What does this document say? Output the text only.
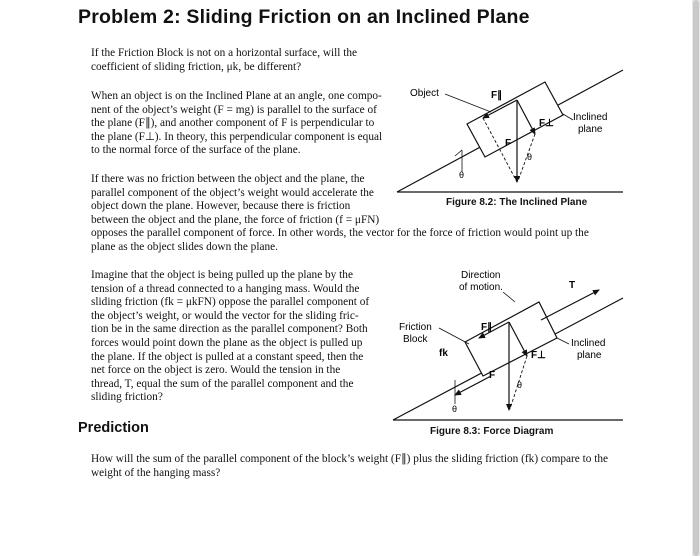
Problem 2: Sliding Friction on an Inclined Plane
If the Friction Block is not on a horizontal surface, will the
coefficient of sliding friction, μk, be different?
When an object is on the Inclined Plane at an angle, one compo-
nent of the object’s weight (F = mg) is parallel to the surface of
the plane (F∥), and another component of F is perpendicular to
the plane (F⊥). In theory, this perpendicular component is equal
to the normal force of the surface of the plane.
If there was no friction between the object and the plane, the
parallel component of the object’s weight would accelerate the
object down the plane. However, because there is friction
between the object and the plane, the force of friction (f = μFN)
opposes the parallel component of force. In other words, the vector for the force of friction would point up the
plane as the object slides down the plane.
Imagine that the object is being pulled up the plane by the
tension of a thread connected to a hanging mass. Would the
sliding friction (fk = μkFN) oppose the parallel component of
the object’s weight, or would the vector for the sliding fric-
tion be in the same direction as the parallel component? Both
forces would point down the plane as the object is pulled up
the plane. If the object is pulled at a constant speed, then the
net force on the object is zero. Would the tension in the
thread, T, equal the sum of the parallel component and the
sliding friction?
Prediction
How will the sum of the parallel component of the block’s weight (F∥) plus the sliding friction (fk) compare to the
weight of the hanging mass?
Object	F∥
F⊥
F
θ
θ
Inclined
plane
Figure 8.2: The Inclined Plane
T
Direction
of motion.
Friction
Block
fk
F∥
F⊥
F
θ
θ
Inclined
plane
Figure 8.3: Force Diagram
